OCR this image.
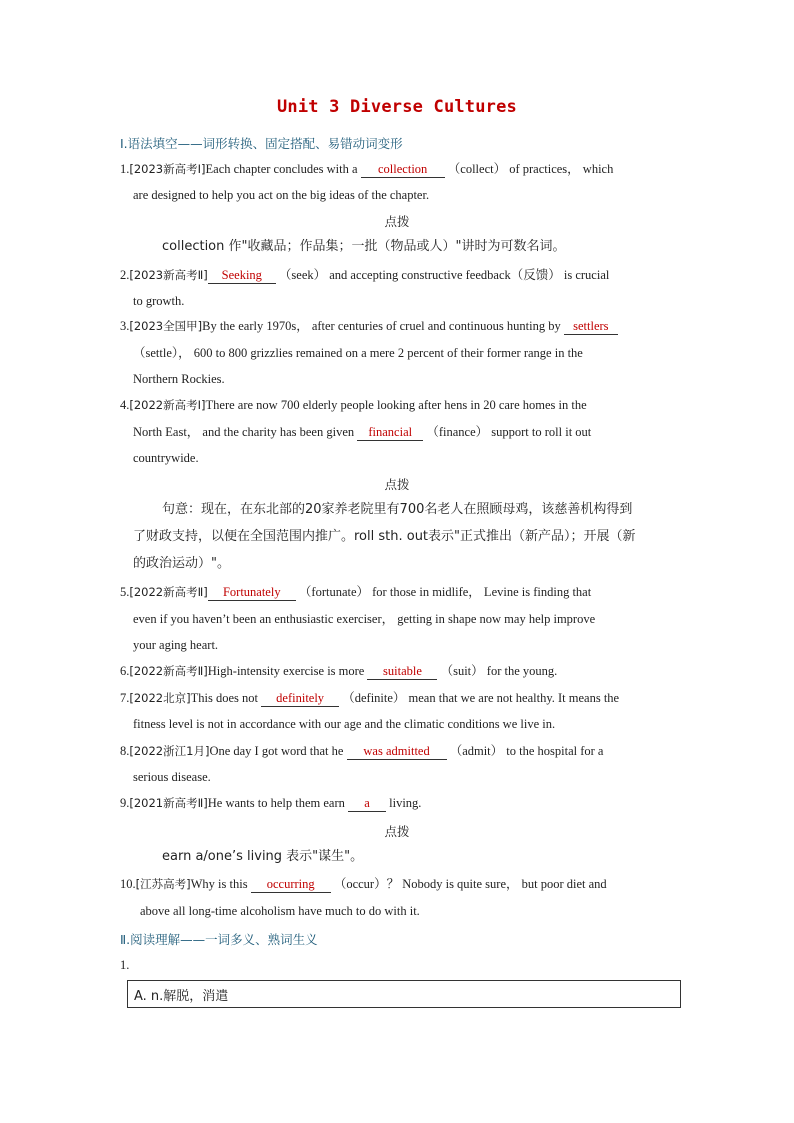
Unit 3 Diverse Cultures
Ⅰ.语法填空——词形转换、固定搭配、易错动词变形
1.[2023新高考Ⅰ]Each chapter concludes with a collection （collect） of practices， which
are designed to help you act on the big ideas of the chapter.
点拨
collection 作"收藏品；作品集；一批（物品或人）"讲时为可数名词。
2.[2023新高考Ⅱ] Seeking （seek） and accepting constructive feedback（反馈） is crucial
to growth.
3.[2023全国甲]By the early 1970s， after centuries of cruel and continuous hunting by settlers
（settle）， 600 to 800 grizzlies remained on a mere 2 percent of their former range in the
Northern Rockies.
4.[2022新高考Ⅰ]There are now 700 elderly people looking after hens in 20 care homes in the
North East， and the charity has been given financial （finance） support to roll it out
countrywide.
点拨
句意：现在，在东北部的20家养老院里有700名老人在照顾母鸡，该慈善机构得到
了财政支持，以便在全国范围内推广。roll sth. out表示"正式推出（新产品）；开展（新
的政治运动）"。
5.[2022新高考Ⅱ] Fortunately （fortunate） for those in midlife， Levine is finding that
even if you haven’t been an enthusiastic exerciser， getting in shape now may help improve
your aging heart.
6.[2022新高考Ⅱ]High-intensity exercise is more suitable （suit） for the young.
7.[2022北京]This does not definitely （definite） mean that we are not healthy. It means the
fitness level is not in accordance with our age and the climatic conditions we live in.
8.[2022浙江1月]One day I got word that he was admitted （admit） to the hospital for a
serious disease.
9.[2021新高考Ⅱ]He wants to help them earn a living.
点拨
earn a/one’s living 表示"谋生"。
10.[江苏高考]Why is this occurring （occur）？ Nobody is quite sure， but poor diet and
above all long-time alcoholism have much to do with it.
Ⅱ.阅读理解——一词多义、熟词生义
1.
A. n.解脱，消遣
